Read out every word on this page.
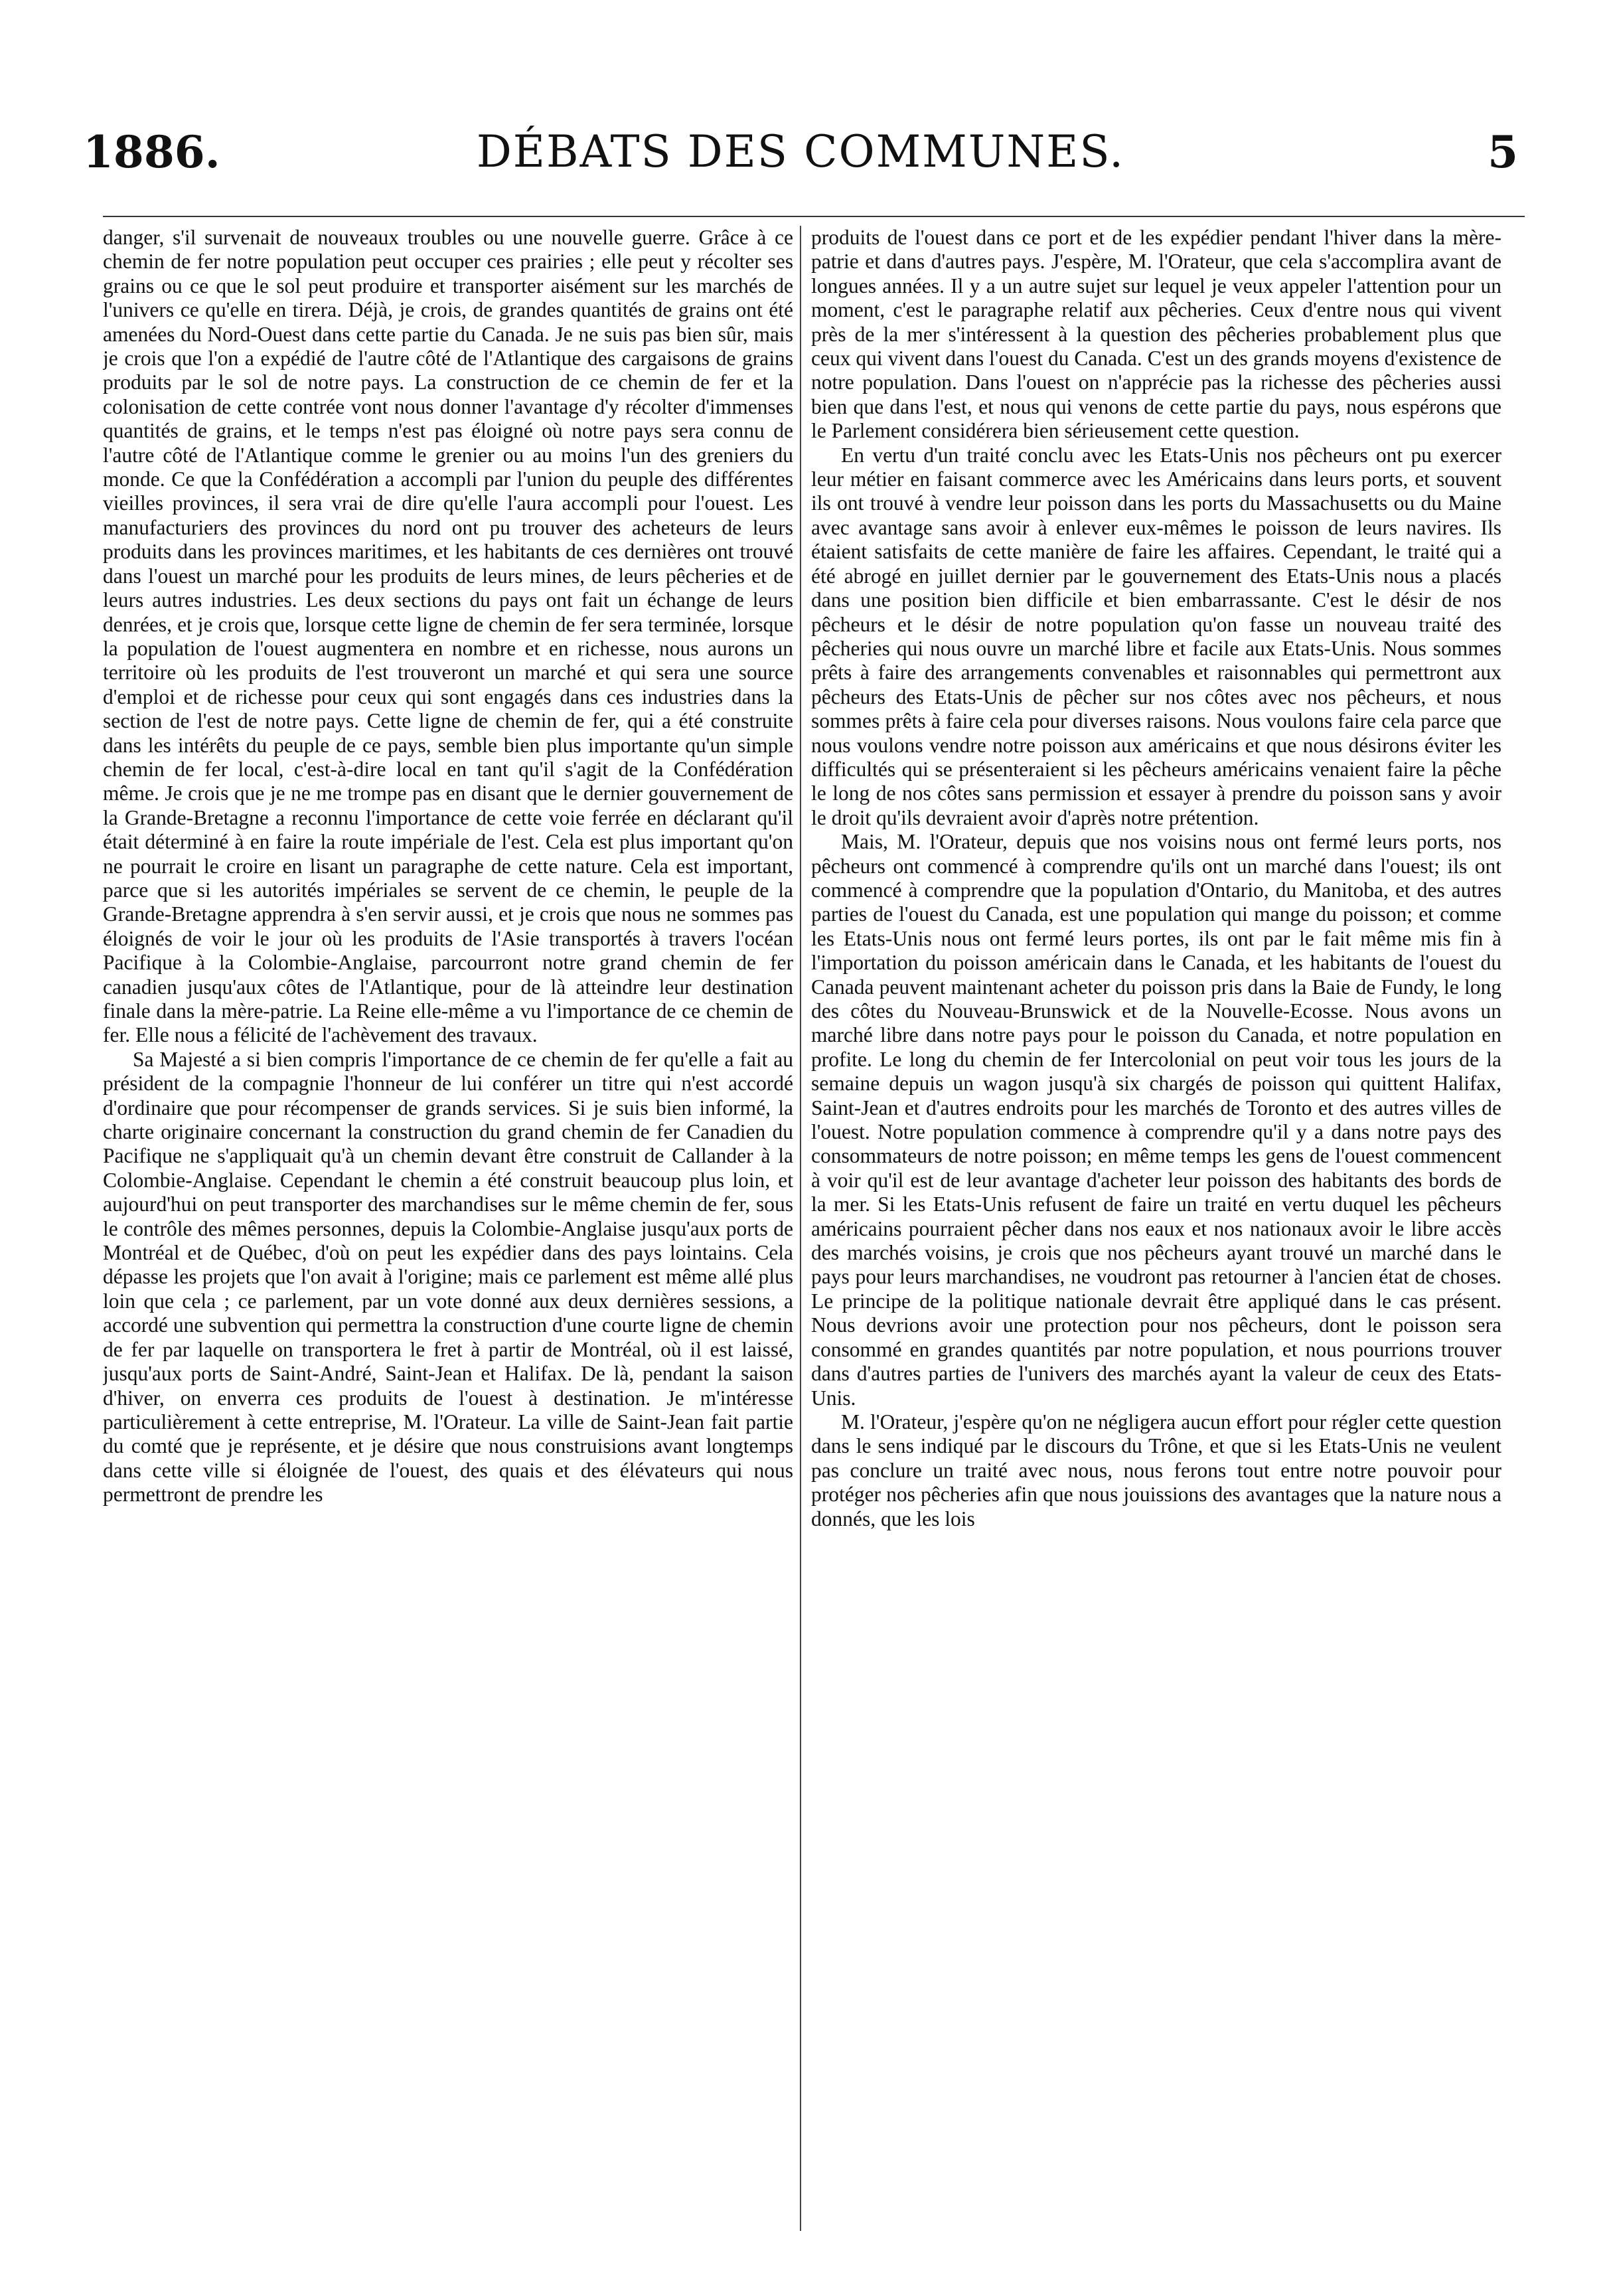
1886.	DÉBATS DES COMMUNES.	5

danger, s'il survenait de nouveaux troubles ou une nouvelle guerre. Grâce à ce chemin de fer notre population peut occuper ces prairies ; elle peut y récolter ses grains ou ce que le sol peut produire et transporter aisément sur les marchés de l'univers ce qu'elle en tirera. Déjà, je crois, de grandes quantités de grains ont été amenées du Nord-Ouest dans cette partie du Canada. Je ne suis pas bien sûr, mais je crois que l'on a expédié de l'autre côté de l'Atlantique des cargaisons de grains produits par le sol de notre pays. La construction de ce chemin de fer et la colonisation de cette contrée vont nous donner l'avantage d'y récolter d'immenses quantités de grains, et le temps n'est pas éloigné où notre pays sera connu de l'autre côté de l'Atlantique comme le grenier ou au moins l'un des greniers du monde. Ce que la Confédération a accompli par l'union du peuple des différentes vieilles provinces, il sera vrai de dire qu'elle l'aura accompli pour l'ouest. Les manufacturiers des provinces du nord ont pu trouver des acheteurs de leurs produits dans les provinces maritimes, et les habitants de ces dernières ont trouvé dans l'ouest un marché pour les produits de leurs mines, de leurs pêcheries et de leurs autres industries. Les deux sections du pays ont fait un échange de leurs denrées, et je crois que, lorsque cette ligne de chemin de fer sera terminée, lorsque la population de l'ouest augmentera en nombre et en richesse, nous aurons un territoire où les produits de l'est trouveront un marché et qui sera une source d'emploi et de richesse pour ceux qui sont engagés dans ces industries dans la section de l'est de notre pays. Cette ligne de chemin de fer, qui a été construite dans les intérêts du peuple de ce pays, semble bien plus importante qu'un simple chemin de fer local, c'est-à-dire local en tant qu'il s'agit de la Confédération même. Je crois que je ne me trompe pas en disant que le dernier gouvernement de la Grande-Bretagne a reconnu l'importance de cette voie ferrée en déclarant qu'il était déterminé à en faire la route impériale de l'est. Cela est plus important qu'on ne pourrait le croire en lisant un paragraphe de cette nature. Cela est important, parce que si les autorités impériales se servent de ce chemin, le peuple de la Grande-Bretagne apprendra à s'en servir aussi, et je crois que nous ne sommes pas éloignés de voir le jour où les produits de l'Asie transportés à travers l'océan Pacifique à la Colombie-Anglaise, parcourront notre grand chemin de fer canadien jusqu'aux côtes de l'Atlantique, pour de là atteindre leur destination finale dans la mère-patrie. La Reine elle-même a vu l'importance de ce chemin de fer. Elle nous a félicité de l'achèvement des travaux.

Sa Majesté a si bien compris l'importance de ce chemin de fer qu'elle a fait au président de la compagnie l'honneur de lui conférer un titre qui n'est accordé d'ordinaire que pour récompenser de grands services. Si je suis bien informé, la charte originaire concernant la construction du grand chemin de fer Canadien du Pacifique ne s'appliquait qu'à un chemin devant être construit de Callander à la Colombie-Anglaise. Cependant le chemin a été construit beaucoup plus loin, et aujourd'hui on peut transporter des marchandises sur le même chemin de fer, sous le contrôle des mêmes personnes, depuis la Colombie-Anglaise jusqu'aux ports de Montréal et de Québec, d'où on peut les expédier dans des pays lointains. Cela dépasse les projets que l'on avait à l'origine; mais ce parlement est même allé plus loin que cela ; ce parlement, par un vote donné aux deux dernières sessions, a accordé une subvention qui permettra la construction d'une courte ligne de chemin de fer par laquelle on transportera le fret à partir de Montréal, où il est laissé, jusqu'aux ports de Saint-André, Saint-Jean et Halifax. De là, pendant la saison d'hiver, on enverra ces produits de l'ouest à destination. Je m'intéresse particulièrement à cette entreprise, M. l'Orateur. La ville de Saint-Jean fait partie du comté que je représente, et je désire que nous construisions avant longtemps dans cette ville si éloignée de l'ouest, des quais et des élévateurs qui nous permettront de prendre les

produits de l'ouest dans ce port et de les expédier pendant l'hiver dans la mère-patrie et dans d'autres pays. J'espère, M. l'Orateur, que cela s'accomplira avant de longues années. Il y a un autre sujet sur lequel je veux appeler l'attention pour un moment, c'est le paragraphe relatif aux pêcheries. Ceux d'entre nous qui vivent près de la mer s'intéressent à la question des pêcheries probablement plus que ceux qui vivent dans l'ouest du Canada. C'est un des grands moyens d'existence de notre population. Dans l'ouest on n'apprécie pas la richesse des pêcheries aussi bien que dans l'est, et nous qui venons de cette partie du pays, nous espérons que le Parlement considérera bien sérieusement cette question.

En vertu d'un traité conclu avec les Etats-Unis nos pêcheurs ont pu exercer leur métier en faisant commerce avec les Américains dans leurs ports, et souvent ils ont trouvé à vendre leur poisson dans les ports du Massachusetts ou du Maine avec avantage sans avoir à enlever eux-mêmes le poisson de leurs navires. Ils étaient satisfaits de cette manière de faire les affaires. Cependant, le traité qui a été abrogé en juillet dernier par le gouvernement des Etats-Unis nous a placés dans une position bien difficile et bien embarrassante. C'est le désir de nos pêcheurs et le désir de notre population qu'on fasse un nouveau traité des pêcheries qui nous ouvre un marché libre et facile aux Etats-Unis. Nous sommes prêts à faire des arrangements convenables et raisonnables qui permettront aux pêcheurs des Etats-Unis de pêcher sur nos côtes avec nos pêcheurs, et nous sommes prêts à faire cela pour diverses raisons. Nous voulons faire cela parce que nous voulons vendre notre poisson aux américains et que nous désirons éviter les difficultés qui se présenteraient si les pêcheurs américains venaient faire la pêche le long de nos côtes sans permission et essayer à prendre du poisson sans y avoir le droit qu'ils devraient avoir d'après notre prétention.

Mais, M. l'Orateur, depuis que nos voisins nous ont fermé leurs ports, nos pêcheurs ont commencé à comprendre qu'ils ont un marché dans l'ouest; ils ont commencé à comprendre que la population d'Ontario, du Manitoba, et des autres parties de l'ouest du Canada, est une population qui mange du poisson; et comme les Etats-Unis nous ont fermé leurs portes, ils ont par le fait même mis fin à l'importation du poisson américain dans le Canada, et les habitants de l'ouest du Canada peuvent maintenant acheter du poisson pris dans la Baie de Fundy, le long des côtes du Nouveau-Brunswick et de la Nouvelle-Ecosse. Nous avons un marché libre dans notre pays pour le poisson du Canada, et notre population en profite. Le long du chemin de fer Intercolonial on peut voir tous les jours de la semaine depuis un wagon jusqu'à six chargés de poisson qui quittent Halifax, Saint-Jean et d'autres endroits pour les marchés de Toronto et des autres villes de l'ouest. Notre population commence à comprendre qu'il y a dans notre pays des consommateurs de notre poisson; en même temps les gens de l'ouest commencent à voir qu'il est de leur avantage d'acheter leur poisson des habitants des bords de la mer. Si les Etats-Unis refusent de faire un traité en vertu duquel les pêcheurs américains pourraient pêcher dans nos eaux et nos nationaux avoir le libre accès des marchés voisins, je crois que nos pêcheurs ayant trouvé un marché dans le pays pour leurs marchandises, ne voudront pas retourner à l'ancien état de choses. Le principe de la politique nationale devrait être appliqué dans le cas présent. Nous devrions avoir une protection pour nos pêcheurs, dont le poisson sera consommé en grandes quantités par notre population, et nous pourrions trouver dans d'autres parties de l'univers des marchés ayant la valeur de ceux des Etats-Unis.

M. l'Orateur, j'espère qu'on ne négligera aucun effort pour régler cette question dans le sens indiqué par le discours du Trône, et que si les Etats-Unis ne veulent pas conclure un traité avec nous, nous ferons tout entre notre pouvoir pour protéger nos pêcheries afin que nous jouissions des avantages que la nature nous a donnés, que les lois
